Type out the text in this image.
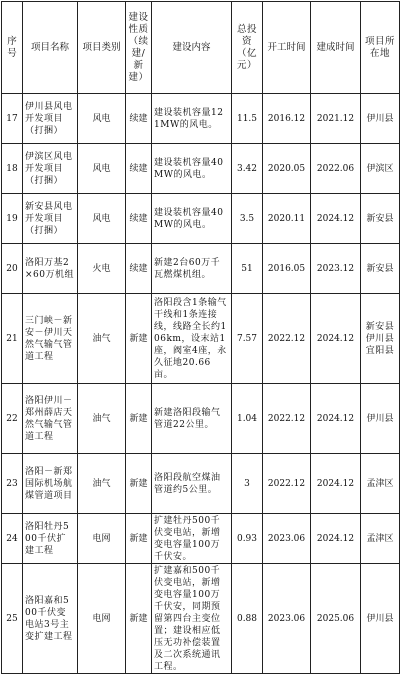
序号	项目名称	项目类别	建设性质（续建/新建）	建设内容	总投资（亿元）	开工时间	建成时间	项目所在地
17	伊川县风电开发项目（打捆）	风电	续建	建设装机容量121MW的风电。	11.5	2016.12	2021.12	伊川县
18	伊滨区风电开发项目（打捆）	风电	续建	建设装机容量40MW的风电。	3.42	2020.05	2022.06	伊滨区
19	新安县风电开发项目（打捆）	风电	续建	建设装机容量40MW的风电。	3.5	2020.11	2024.12	新安县
20	洛阳万基2×60万机组	火电	续建	新建2台60万千瓦燃煤机组。	51	2016.05	2023.12	新安县
21	三门峡－新安－伊川天然气输气管道工程	油气	新建	洛阳段含1条输气干线和1条连接线，线路全长约106km，设末站1座，阀室4座，永久征地20.66亩。	7.57	2022.12	2024.12	新安县伊川县宜阳县
22	洛阳伊川－郑州薛店天然气输气管道工程	油气	新建	新建洛阳段输气管道22公里。	1.04	2022.12	2024.12	伊川县
23	洛阳－新郑国际机场航煤管道项目	油气	新建	洛阳段航空煤油管道约5公里。	3	2022.12	2024.12	孟津区
24	洛阳牡丹500千伏扩建工程	电网	新建	扩建牡丹500千伏变电站，新增变电容量100万千伏安。	0.93	2023.06	2024.12	孟津区
25	洛阳嘉和500千伏变电站3号主变扩建工程	电网	新建	扩建嘉和500千伏变电站，新增变电容量100万千伏安，同期预留第四台主变位置；建设相应低压无功补偿装置及二次系统通讯工程。	0.88	2023.06	2025.06	伊川县
